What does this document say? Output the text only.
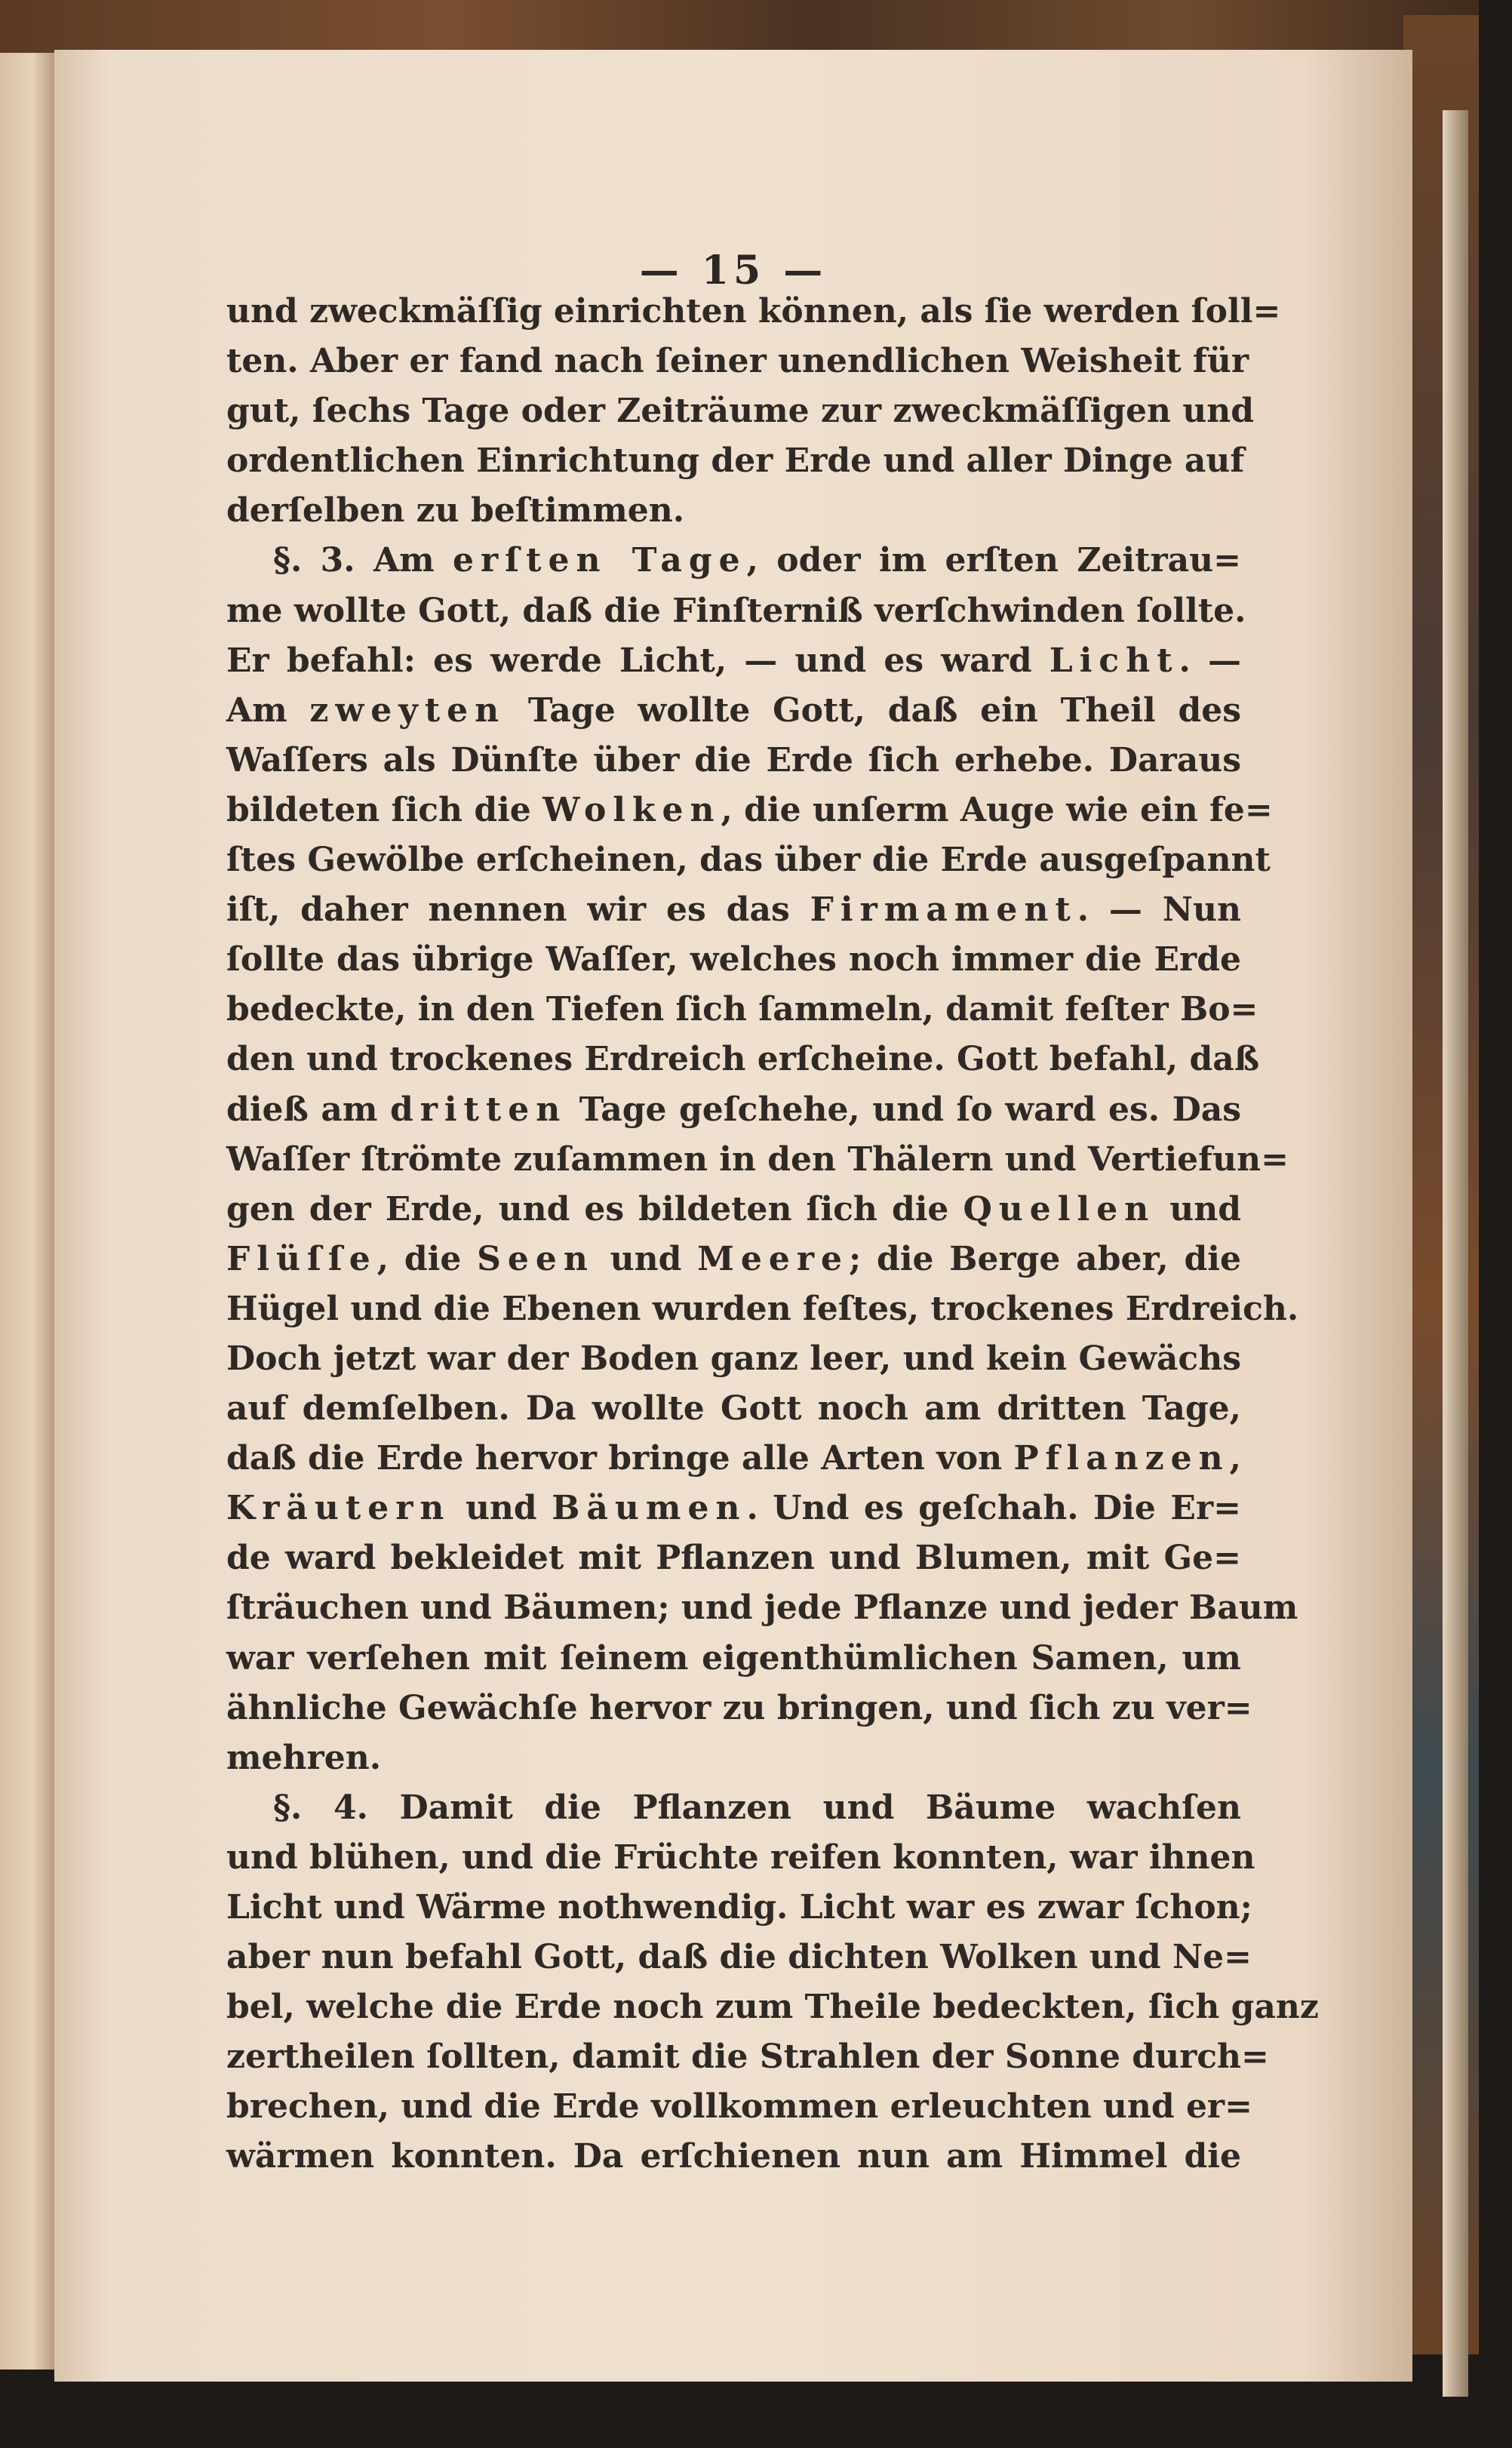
— 15 —
und zweckmäſſig einrichten können, als ſie werden ſoll=
ten. Aber er fand nach ſeiner unendlichen Weisheit für
gut, ſechs Tage oder Zeiträume zur zweckmäſſigen und
ordentlichen Einrichtung der Erde und aller Dinge auf
derſelben zu beſtimmen.
§. 3. Am erſten Tage, oder im erſten Zeitrau=
me wollte Gott, daß die Finſterniß verſchwinden ſollte.
Er befahl: es werde Licht, — und es ward Licht. —
Am zweyten Tage wollte Gott, daß ein Theil des
Waſſers als Dünſte über die Erde ſich erhebe. Daraus
bildeten ſich die Wolken, die unſerm Auge wie ein fe=
ſtes Gewölbe erſcheinen, das über die Erde ausgeſpannt
iſt, daher nennen wir es das Firmament. — Nun
ſollte das übrige Waſſer, welches noch immer die Erde
bedeckte, in den Tiefen ſich ſammeln, damit feſter Bo=
den und trockenes Erdreich erſcheine. Gott befahl, daß
dieß am dritten Tage geſchehe, und ſo ward es. Das
Waſſer ſtrömte zuſammen in den Thälern und Vertiefun=
gen der Erde, und es bildeten ſich die Quellen und
Flüſſe, die Seen und Meere; die Berge aber, die
Hügel und die Ebenen wurden feſtes, trockenes Erdreich.
Doch jetzt war der Boden ganz leer, und kein Gewächs
auf demſelben. Da wollte Gott noch am dritten Tage,
daß die Erde hervor bringe alle Arten von Pflanzen,
Kräutern und Bäumen. Und es geſchah. Die Er=
de ward bekleidet mit Pflanzen und Blumen, mit Ge=
ſträuchen und Bäumen; und jede Pflanze und jeder Baum
war verſehen mit ſeinem eigenthümlichen Samen, um
ähnliche Gewächſe hervor zu bringen, und ſich zu ver=
mehren.
§. 4. Damit die Pflanzen und Bäume wachſen
und blühen, und die Früchte reifen konnten, war ihnen
Licht und Wärme nothwendig. Licht war es zwar ſchon;
aber nun befahl Gott, daß die dichten Wolken und Ne=
bel, welche die Erde noch zum Theile bedeckten, ſich ganz
zertheilen ſollten, damit die Strahlen der Sonne durch=
brechen, und die Erde vollkommen erleuchten und er=
wärmen konnten. Da erſchienen nun am Himmel die
